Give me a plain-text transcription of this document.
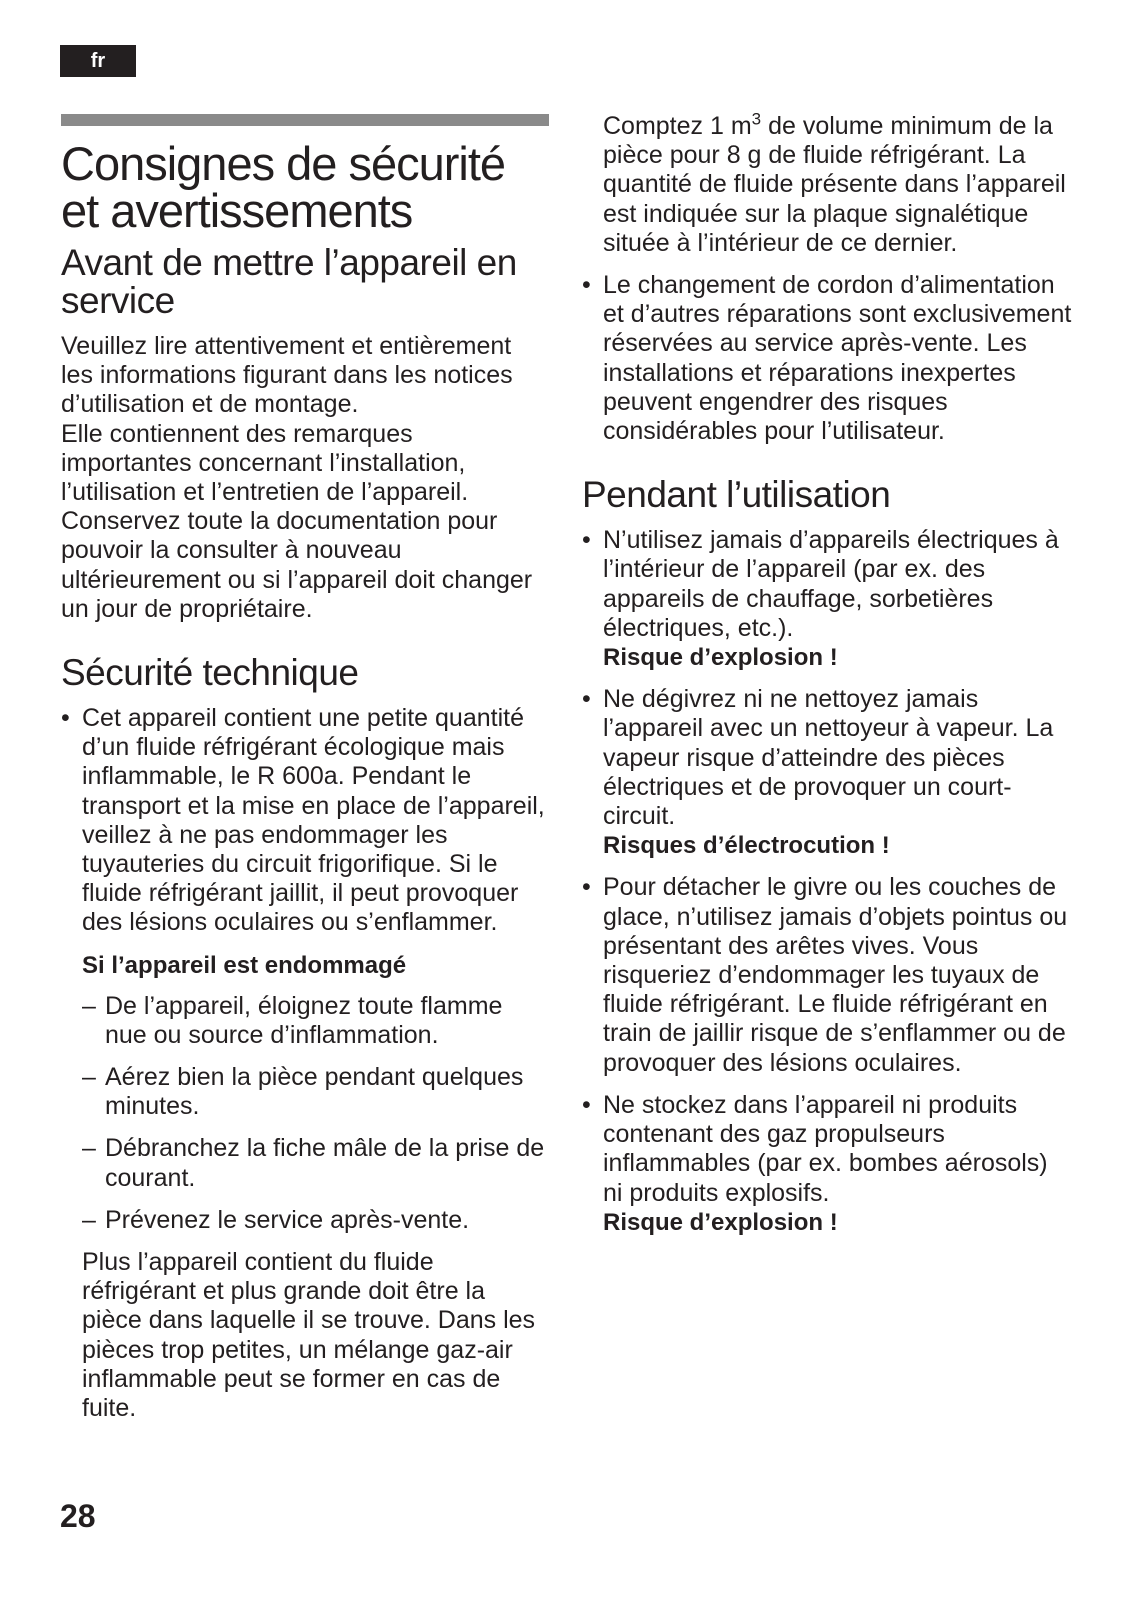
fr
Consignes de sécurité et avertissements
Avant de mettre l’appareil en service

Veuillez lire attentivement et entièrement les informations figurant dans les notices d’utilisation et de montage.

Elle contiennent des remarques importantes concernant l’installation, l’utilisation et l’entretien de l’appareil.

Conservez toute la documentation pour pouvoir la consulter à nouveau ultérieurement ou si l’appareil doit changer un jour de propriétaire.

Sécurité technique
• Cet appareil contient une petite quantité d’un fluide réfrigérant écologique mais inflammable, le R 600a. Pendant le transport et la mise en place de l’appareil, veillez à ne pas endommager les tuyauteries du circuit frigorifique. Si le fluide réfrigérant jaillit, il peut provoquer des lésions oculaires ou s’enflammer.
Si l’appareil est endommagé
– De l’appareil, éloignez toute flamme nue ou source d’inflammation.
– Aérez bien la pièce pendant quelques minutes.
– Débranchez la fiche mâle de la prise de courant.
– Prévenez le service après-vente.

Plus l’appareil contient du fluide réfrigérant et plus grande doit être la pièce dans laquelle il se trouve. Dans les pièces trop petites, un mélange gaz-air inflammable peut se former en cas de fuite.

Comptez 1 $m^3$ de volume minimum de la pièce pour 8 g de fluide réfrigérant. La quantité de fluide présente dans l’appareil est indiquée sur la plaque signalétique située à l’intérieur de ce dernier.

• Le changement de cordon d’alimentation et d’autres réparations sont exclusivement réservées au service après-vente. Les installations et réparations inexpertes peuvent engendrer des risques considérables pour l’utilisateur.
Pendant l’utilisation
• N’utilisez jamais d’appareils électriques à l’intérieur de l’appareil (par ex. des appareils de chauffage, sorbetières électriques, etc.).
Risque d’explosion !
• Ne dégivrez ni ne nettoyez jamais l’appareil avec un nettoyeur à vapeur. La vapeur risque d’atteindre des pièces électriques et de provoquer un court-circuit.
Risques d’électrocution !
• Pour détacher le givre ou les couches de glace, n’utilisez jamais d’objets pointus ou présentant des arêtes vives. Vous risqueriez d’endommager les tuyaux de fluide réfrigérant. Le fluide réfrigérant en train de jaillir risque de s’enflammer ou de provoquer des lésions oculaires.
• Ne stockez dans l’appareil ni produits contenant des gaz propulseurs inflammables (par ex. bombes aérosols) ni produits explosifs.
Risque d’explosion !
28
